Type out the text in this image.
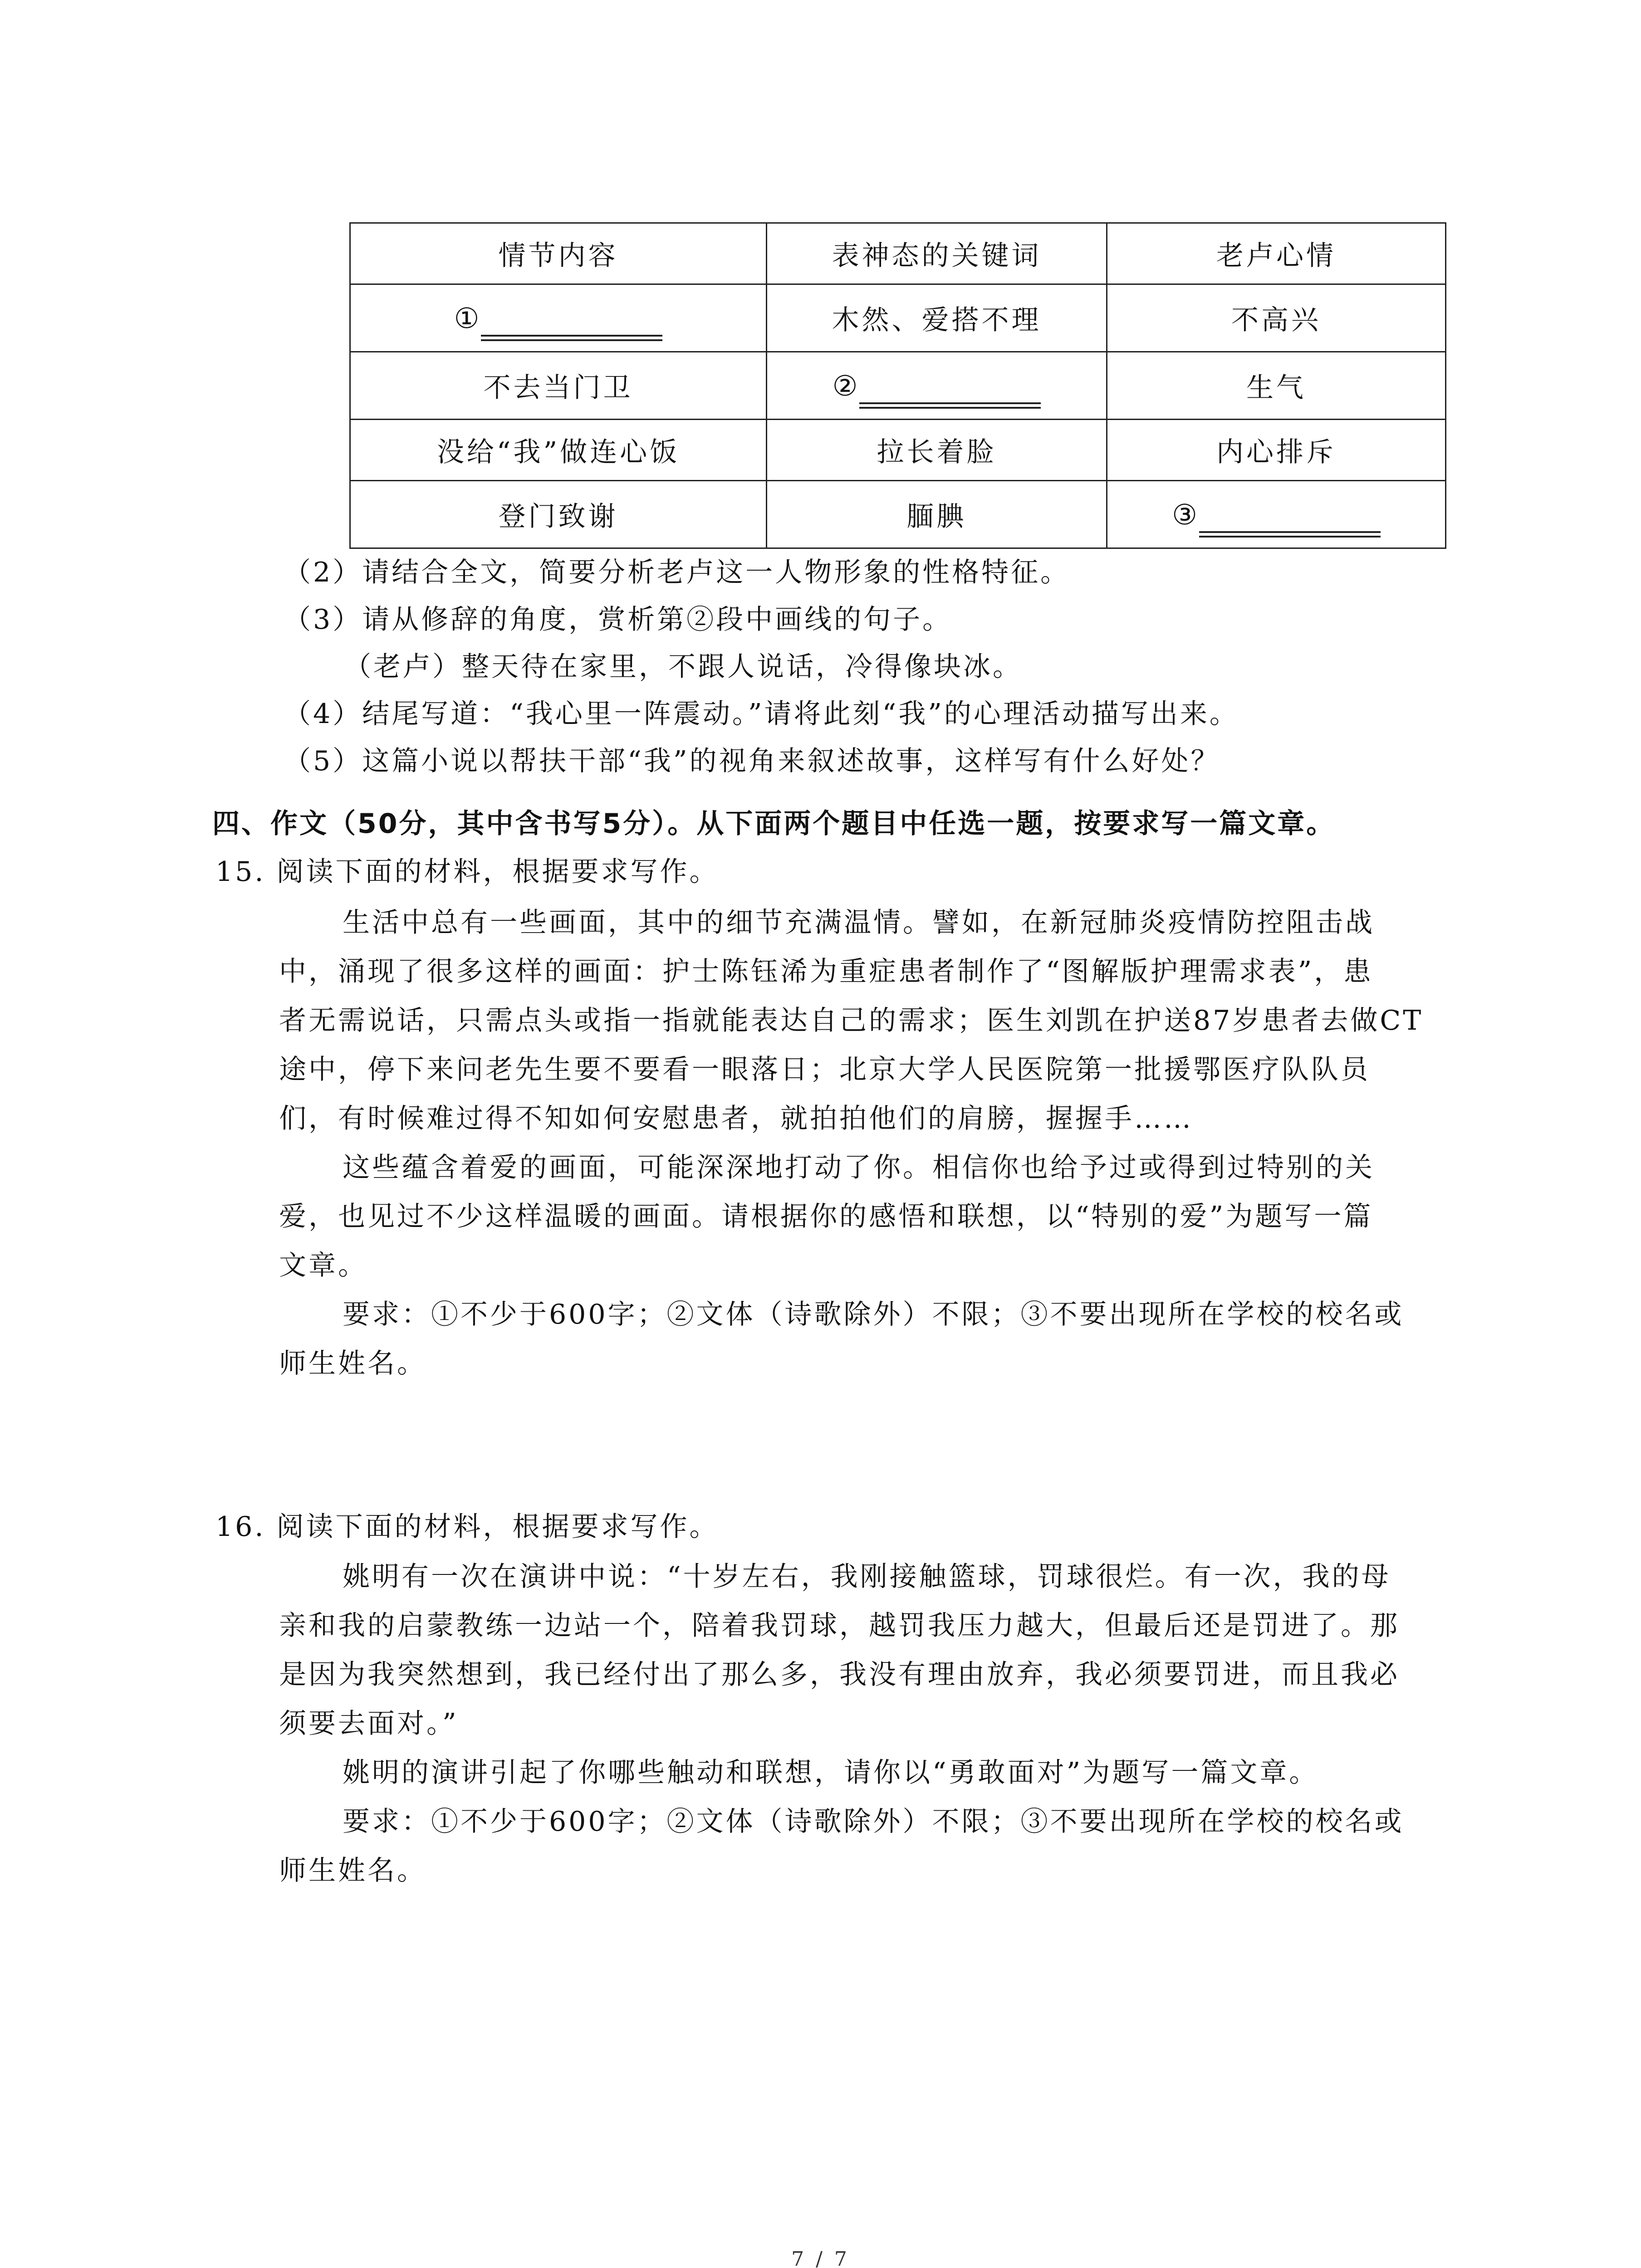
情节内容	表神态的关键词	老卢心情

①	木然、爱搭不理	不高兴
不去当门卫	②	生气
没给“我”做连心饭	拉长着脸	内心排斥
登门致谢	腼腆	③
（2）请结合全文，简要分析老卢这一人物形象的性格特征。
（3）请从修辞的角度，赏析第②段中画线的句子。
（老卢）整天待在家里，不跟人说话，冷得像块冰。
（4）结尾写道：“我心里一阵震动。”请将此刻“我”的心理活动描写出来。
（5）这篇小说以帮扶干部“我”的视角来叙述故事，这样写有什么好处？
四、作文（50分，其中含书写5分）。从下面两个题目中任选一题，按要求写一篇文章。
15. 阅读下面的材料，根据要求写作。
生活中总有一些画面，其中的细节充满温情。譬如，在新冠肺炎疫情防控阻击战
中，涌现了很多这样的画面：护士陈钰浠为重症患者制作了“图解版护理需求表”，患
者无需说话，只需点头或指一指就能表达自己的需求；医生刘凯在护送87岁患者去做CT
途中，停下来问老先生要不要看一眼落日；北京大学人民医院第一批援鄂医疗队队员
们，有时候难过得不知如何安慰患者，就拍拍他们的肩膀，握握手……
这些蕴含着爱的画面，可能深深地打动了你。相信你也给予过或得到过特别的关
爱，也见过不少这样温暖的画面。请根据你的感悟和联想，以“特别的爱”为题写一篇
文章。
要求：①不少于600字；②文体（诗歌除外）不限；③不要出现所在学校的校名或
师生姓名。
16. 阅读下面的材料，根据要求写作。
姚明有一次在演讲中说：“十岁左右，我刚接触篮球，罚球很烂。有一次，我的母
亲和我的启蒙教练一边站一个，陪着我罚球，越罚我压力越大，但最后还是罚进了。那
是因为我突然想到，我已经付出了那么多，我没有理由放弃，我必须要罚进，而且我必
须要去面对。”
姚明的演讲引起了你哪些触动和联想，请你以“勇敢面对”为题写一篇文章。
要求：①不少于600字；②文体（诗歌除外）不限；③不要出现所在学校的校名或
师生姓名。
7 / 7
